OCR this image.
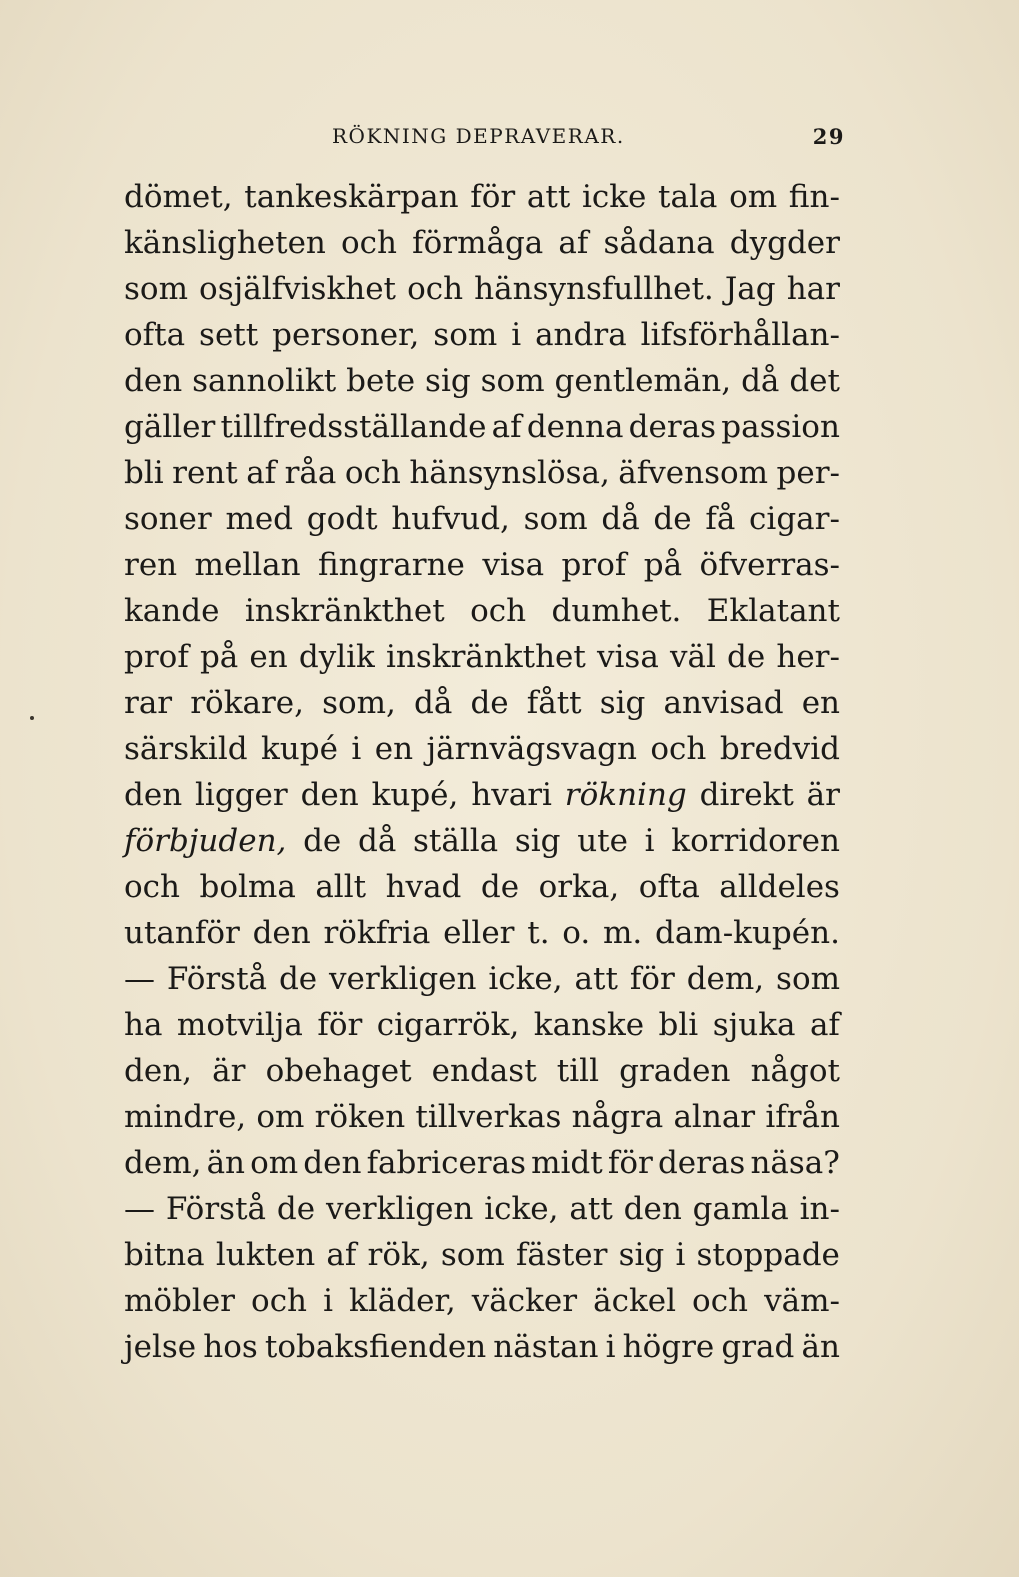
RÖKNING DEPRAVERAR.	29
dömet, tankeskärpan för att icke tala om fin-
känsligheten och förmåga af sådana dygder
som osjälfviskhet och hänsynsfullhet. Jag har
ofta sett personer, som i andra lifsförhållan-
den sannolikt bete sig som gentlemän, då det
gäller tillfredsställande af denna deras passion
bli rent af råa och hänsynslösa, äfvensom per-
soner med godt hufvud, som då de få cigar-
ren mellan fingrarne visa prof på öfverras-
kande inskränkthet och dumhet. Eklatant
prof på en dylik inskränkthet visa väl de her-
rar rökare, som, då de fått sig anvisad en
särskild kupé i en järnvägsvagn och bredvid
den ligger den kupé, hvari rökning direkt är
förbjuden, de då ställa sig ute i korridoren
och bolma allt hvad de orka, ofta alldeles
utanför den rökfria eller t. o. m. dam-kupén.
— Förstå de verkligen icke, att för dem, som
ha motvilja för cigarrök, kanske bli sjuka af
den, är obehaget endast till graden något
mindre, om röken tillverkas några alnar ifrån
dem, än om den fabriceras midt för deras näsa?
— Förstå de verkligen icke, att den gamla in-
bitna lukten af rök, som fäster sig i stoppade
möbler och i kläder, väcker äckel och väm-
jelse hos tobaksfienden nästan i högre grad än
